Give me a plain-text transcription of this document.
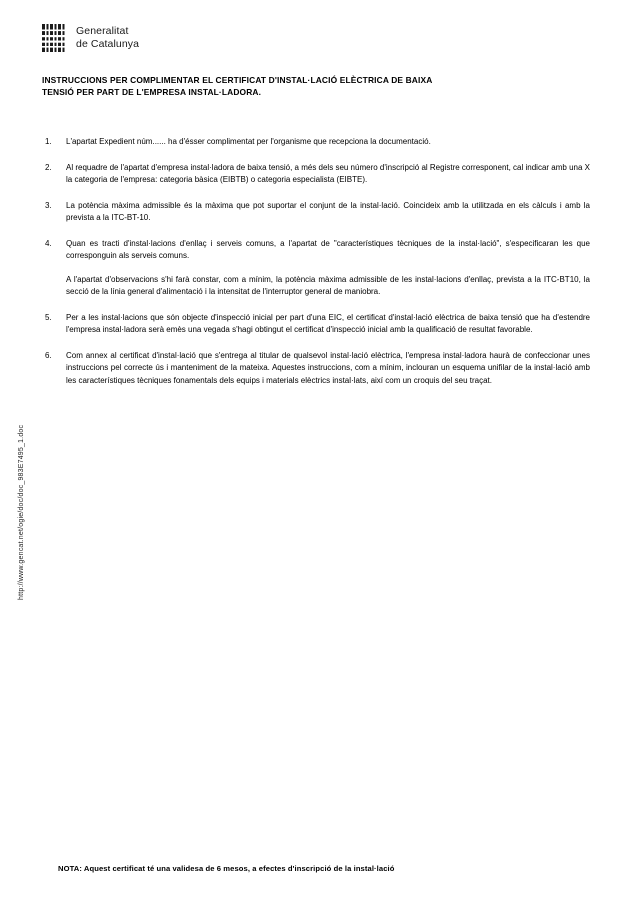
Generalitat
de Catalunya
INSTRUCCIONS PER COMPLIMENTAR EL CERTIFICAT D'INSTAL·LACIÓ ELÈCTRICA DE BAIXA
TENSIÓ PER PART DE L'EMPRESA INSTAL·LADORA.
1.	L'apartat Expedient núm...... ha d'ésser complimentat per l'organisme que recepciona la documentació.

2.	Al requadre de l'apartat d'empresa instal·ladora de baixa tensió, a més dels seu número d'inscripció al Registre corresponent, cal indicar amb una X la categoria de l'empresa: categoria bàsica (EIBTB) o categoria especialista (EIBTE).

3.	La potència màxima admissible és la màxima que pot suportar el conjunt de la instal·lació. Coincideix amb la utilitzada en els càlculs i amb la prevista a la ITC-BT-10.

4.	Quan es tracti d'instal·lacions d'enllaç i serveis comuns, a l'apartat de "característiques tècniques de la instal·lació", s'especificaran les que corresponguin als serveis comuns.

A l'apartat d'observacions s'hi farà constar, com a mínim, la potència màxima admissible de les instal·lacions d'enllaç, prevista a la ITC-BT10, la secció de la línia general d'alimentació i la intensitat de l'interruptor general de maniobra.

5.	Per a les instal·lacions que són objecte d'inspecció inicial per part d'una EIC, el certificat d'instal·lació elèctrica de baixa tensió que ha d'estendre l'empresa instal·ladora serà emès una vegada s'hagi obtingut el certificat d'inspecció inicial amb la qualificació de resultat favorable.

6.	Com annex al certificat d'instal·lació que s'entrega al titular de qualsevol instal·lació elèctrica, l'empresa instal·ladora haurà de confeccionar unes instruccions pel correcte ús i manteniment de la mateixa. Aquestes instruccions, com a mínim, inclouran un esquema unifilar de la instal·lació amb les característiques tècniques fonamentals dels equips i materials elèctrics instal·lats, així com un croquis del seu traçat.

http://www.gencat.net/ogie/doc/doc_983E7495_1.doc
NOTA: Aquest certificat té una validesa de 6 mesos, a efectes d'inscripció de la instal·lació
